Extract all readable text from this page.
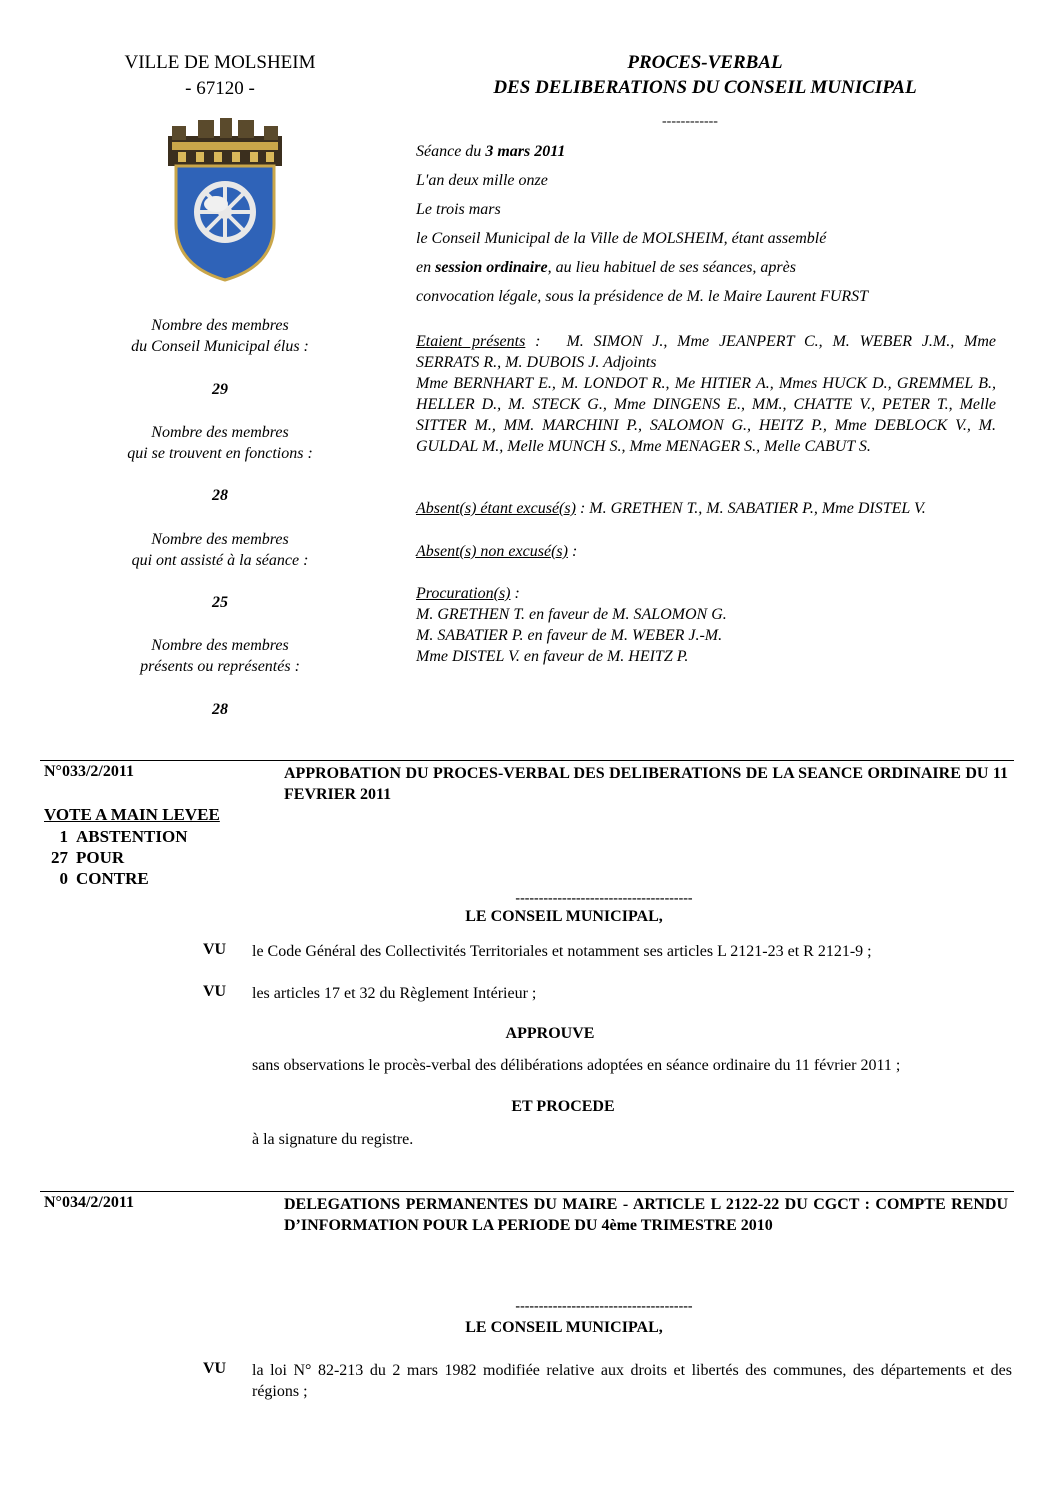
VILLE DE MOLSHEIM
- 67120 -
Nombre des membres
du Conseil Municipal élus :
29
Nombre des membres
qui se trouvent en fonctions :
28
Nombre des membres
qui ont assisté à la séance :
25
Nombre des membres
présents ou représentés :
28
PROCES-VERBAL
DES DELIBERATIONS DU CONSEIL MUNICIPAL
------------
Séance du 3 mars 2011
L'an deux mille onze
Le trois mars
le Conseil Municipal de la Ville de MOLSHEIM, étant assemblé
en session ordinaire, au lieu habituel de ses séances, après
convocation légale, sous la présidence de M. le Maire Laurent FURST
Etaient présents : M. SIMON J., Mme JEANPERT C., M. WEBER J.M., Mme SERRATS R., M. DUBOIS J. Adjoints
Mme BERNHART E., M. LONDOT R., Me HITIER A., Mmes HUCK D., GREMMEL B., HELLER D., M. STECK G., Mme DINGENS E., MM., CHATTE V., PETER T., Melle SITTER M., MM. MARCHINI P., SALOMON G., HEITZ P., Mme DEBLOCK V., M. GULDAL M., Melle MUNCH S., Mme MENAGER S., Melle CABUT S.
Absent(s) étant excusé(s) : M. GRETHEN T., M. SABATIER P., Mme DISTEL V.
Absent(s) non excusé(s) :
Procuration(s) :
M. GRETHEN T. en faveur de M. SALOMON G.
M. SABATIER P. en faveur de M. WEBER J.-M.
Mme DISTEL V. en faveur de M. HEITZ P.
N°033/2/2011	APPROBATION DU PROCES-VERBAL DES DELIBERATIONS DE LA SEANCE ORDINAIRE DU 11 FEVRIER 2011
VOTE A MAIN LEVEE
1 ABSTENTION
27 POUR
0 CONTRE
--------------------------------------
LE CONSEIL MUNICIPAL,
VU le Code Général des Collectivités Territoriales et notamment ses articles L 2121-23 et R 2121-9 ;
VU les articles 17 et 32 du Règlement Intérieur ;
APPROUVE
sans observations le procès-verbal des délibérations adoptées en séance ordinaire du 11 février 2011 ;
ET PROCEDE
à la signature du registre.
N°034/2/2011	DELEGATIONS PERMANENTES DU MAIRE - ARTICLE L 2122-22 DU CGCT : COMPTE RENDU D’INFORMATION POUR LA PERIODE DU 4ème TRIMESTRE 2010
--------------------------------------
LE CONSEIL MUNICIPAL,
VU la loi N° 82-213 du 2 mars 1982 modifiée relative aux droits et libertés des communes, des départements et des régions ;
